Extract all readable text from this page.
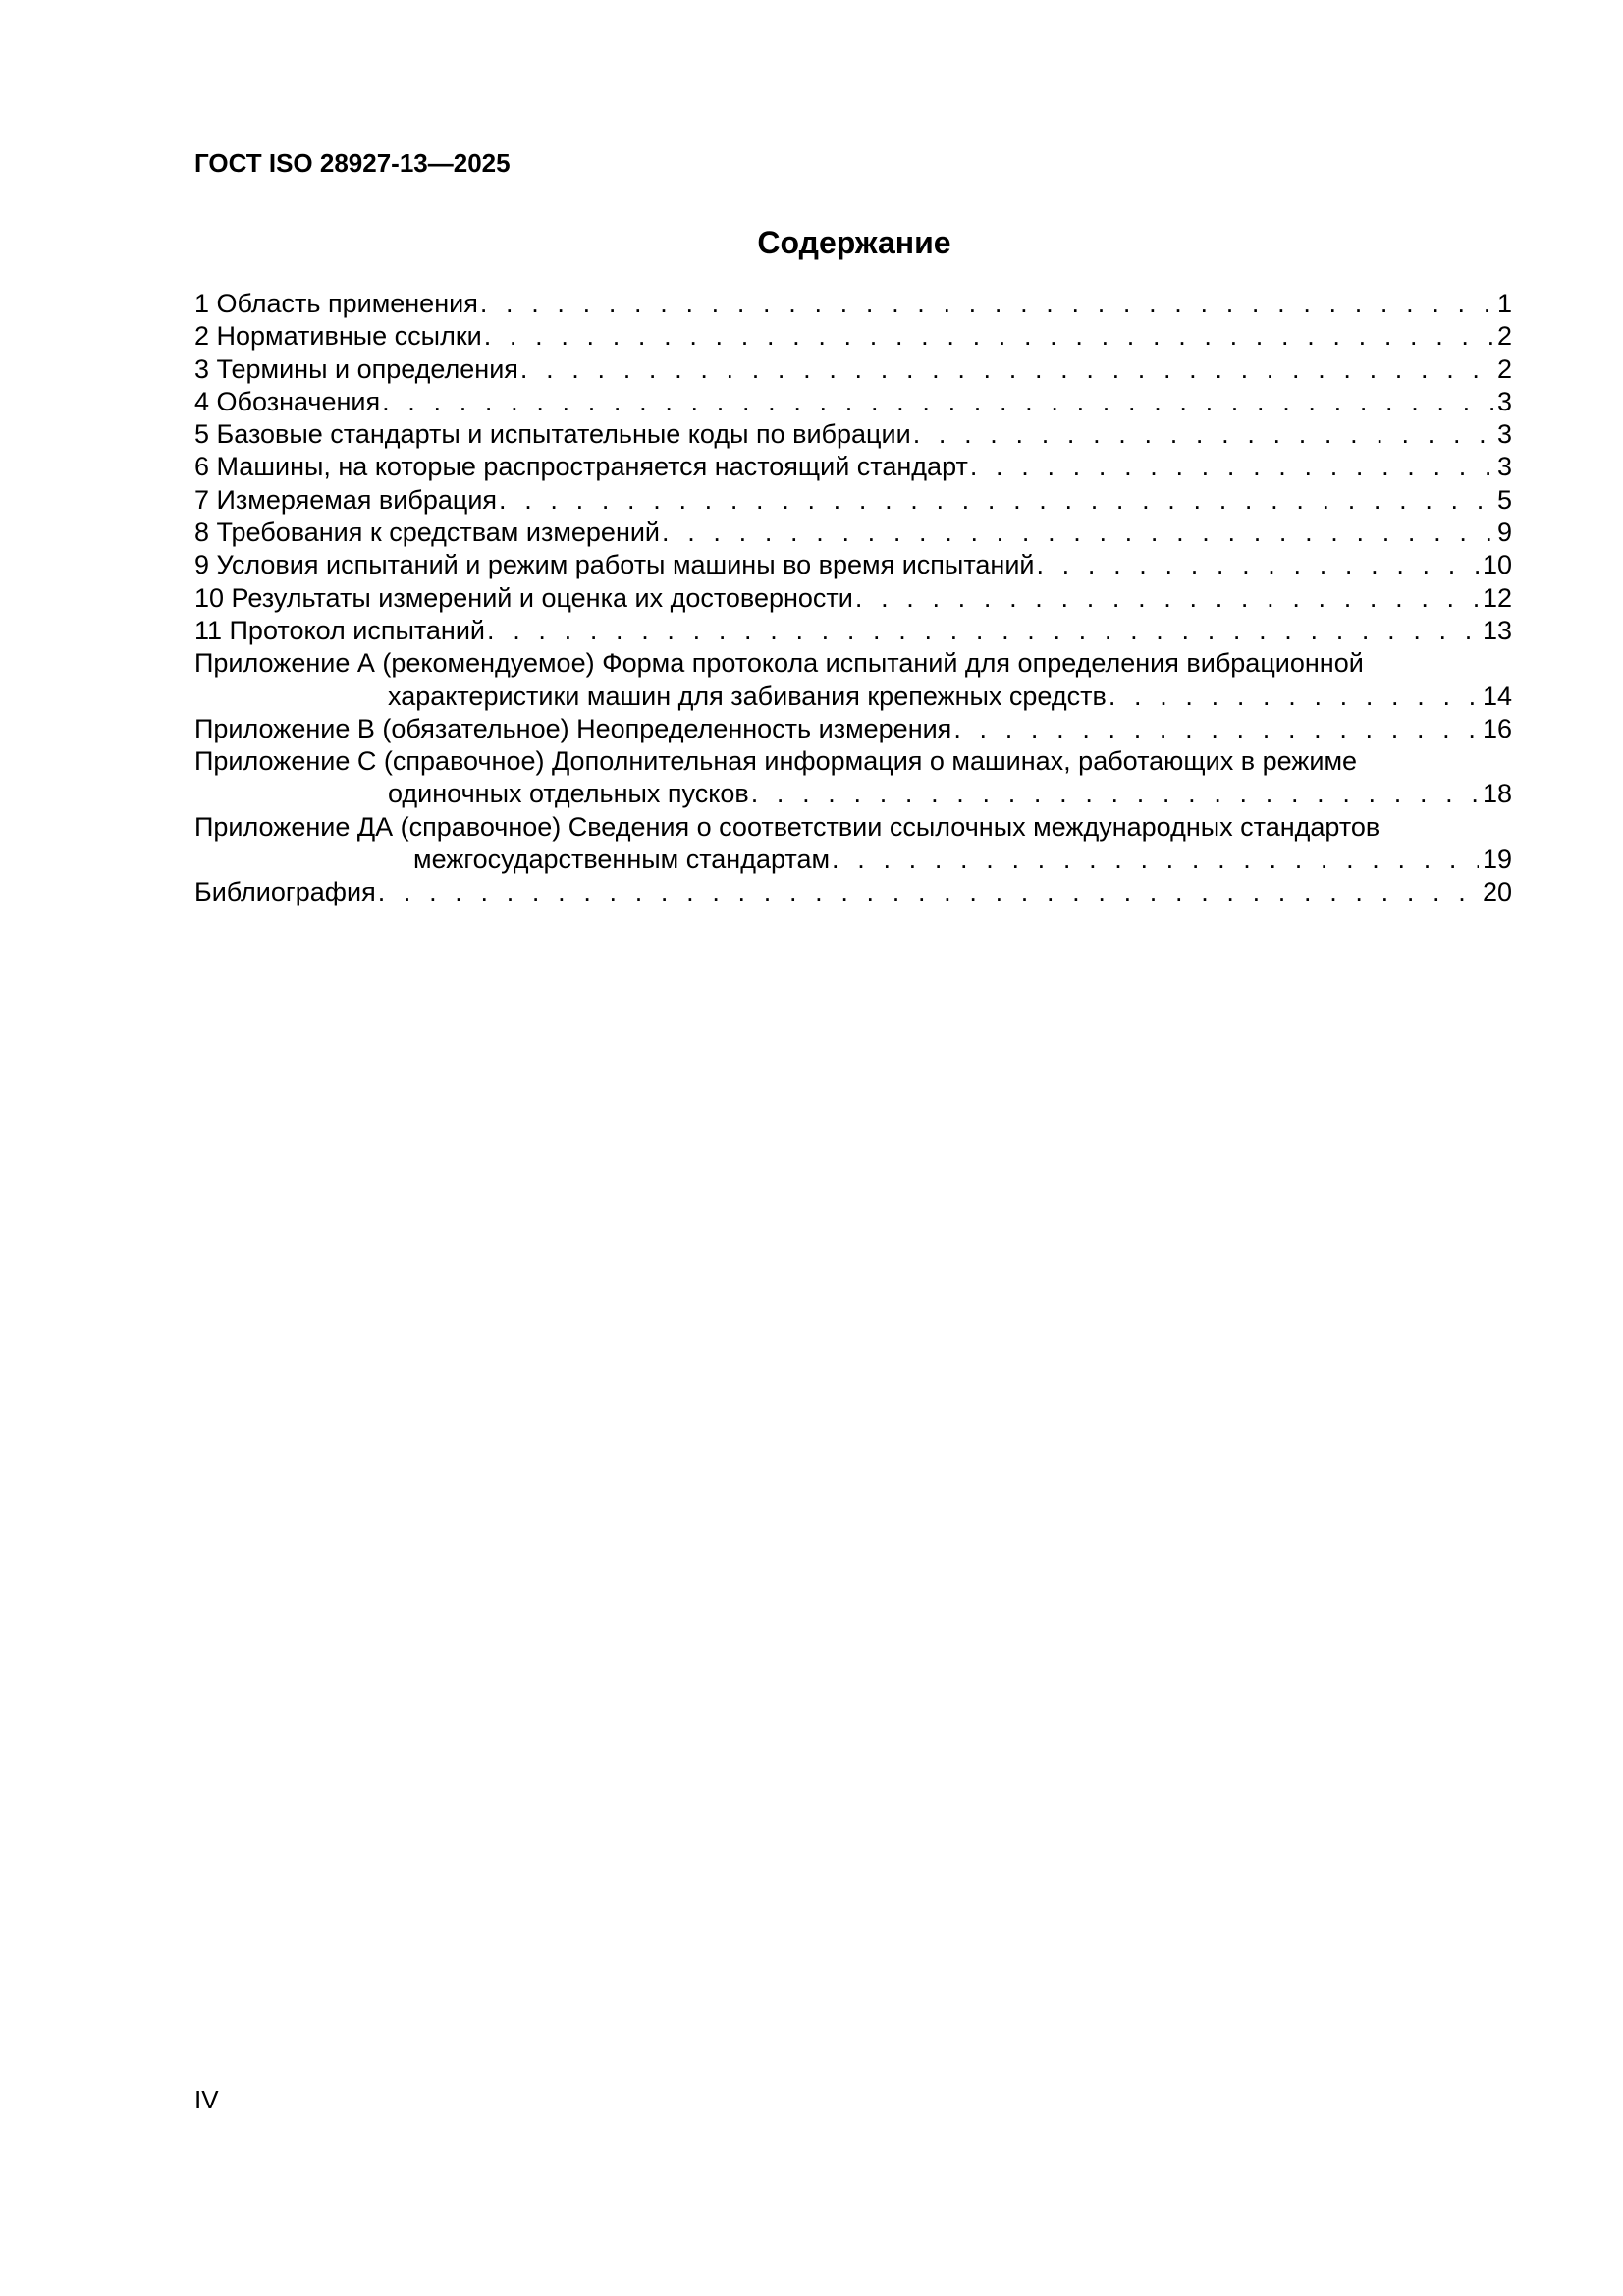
ГОСТ ISO 28927-13—2025
Содержание
1 Область применения . . .	1
2 Нормативные ссылки . . .	2
3 Термины и определения . . .	2
4 Обозначения . . .	3
5 Базовые стандарты и испытательные коды по вибрации . . .	3
6 Машины, на которые распространяется настоящий стандарт . . .	3
7 Измеряемая вибрация . . .	5
8 Требования к средствам измерений . . .	9
9 Условия испытаний и режим работы машины во время испытаний . . .	10
10 Результаты измерений и оценка их достоверности . . .	12
11 Протокол испытаний . . .	13
Приложение А (рекомендуемое) Форма протокола испытаний для определения вибрационной
характеристики машин для забивания крепежных средств . . .	14
Приложение В (обязательное) Неопределенность измерения . . .	16
Приложение С (справочное) Дополнительная информация о машинах, работающих в режиме
одиночных отдельных пусков . . .	18
Приложение ДА (справочное) Сведения о соответствии ссылочных международных стандартов
межгосударственным стандартам . . .	19
Библиография . . .	20
IV
